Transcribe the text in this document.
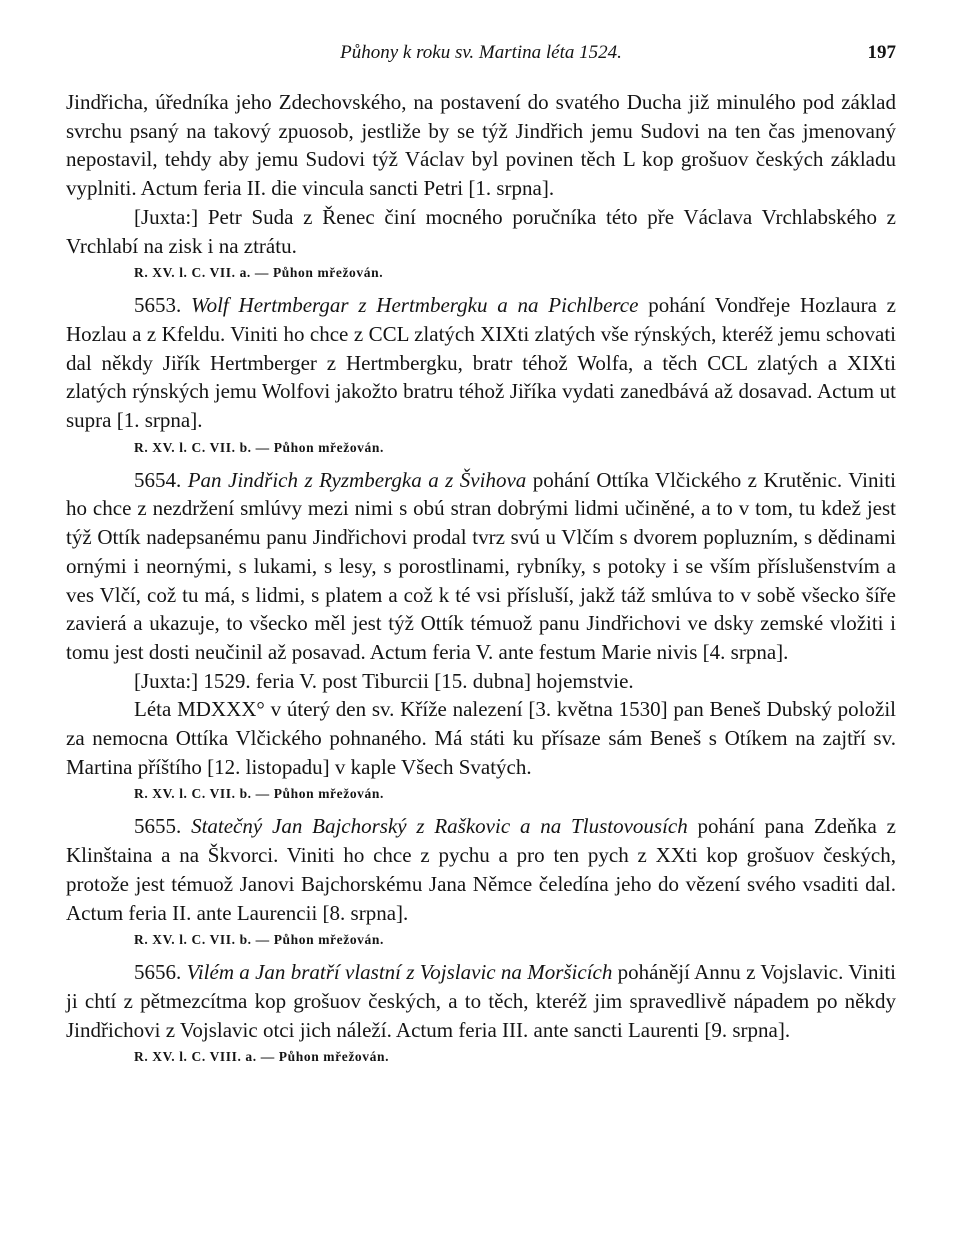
Půhony k roku sv. Martina léta 1524.	197

Jindřicha, úředníka jeho Zdechovského, na postavení do svatého Ducha již minulého pod základ svrchu psaný na takový zpuosob, jestliže by se týž Jindřich jemu Sudovi na ten čas jmenovaný nepostavil, tehdy aby jemu Sudovi týž Václav byl povinen těch L kop grošuov českých základu vyplniti. Actum feria II. die vincula sancti Petri [1. srpna].

[Juxta:] Petr Suda z Řenec činí mocného poručníka této pře Václava Vrchlabského z Vrchlabí na zisk i na ztrátu.

R. XV. l. C. VII. a. — Půhon mřežován.

5653. Wolf Hertmbergar z Hertmbergku a na Pichlberce pohání Vondřeje Hozlaura z Hozlau a z Kfeldu. Viniti ho chce z CCL zlatých XIXti zlatých vše rýnských, kteréž jemu schovati dal někdy Jiřík Hertmberger z Hertmbergku, bratr téhož Wolfa, a těch CCL zlatých a XIXti zlatých rýnských jemu Wolfovi jakožto bratru téhož Jiříka vydati zanedbává až dosavad. Actum ut supra [1. srpna].

R. XV. l. C. VII. b. — Půhon mřežován.

5654. Pan Jindřich z Ryzmbergka a z Švihova pohání Ottíka Vlčického z Krutěnic. Viniti ho chce z nezdržení smlúvy mezi nimi s obú stran dobrými lidmi učiněné, a to v tom, tu kdež jest týž Ottík nadepsanému panu Jindřichovi prodal tvrz svú u Vlčím s dvorem popluzním, s dědinami ornými i neornými, s lukami, s lesy, s porostlinami, rybníky, s potoky i se vším příslušenstvím a ves Vlčí, což tu má, s lidmi, s platem a což k té vsi přísluší, jakž táž smlúva to v sobě všecko šíře zavierá a ukazuje, to všecko měl jest týž Ottík témuož panu Jindřichovi ve dsky zemské vložiti i tomu jest dosti neučinil až posavad. Actum feria V. ante festum Marie nivis [4. srpna].

[Juxta:] 1529. feria V. post Tiburcii [15. dubna] hojemstvie.

Léta MDXXX° v úterý den sv. Kříže nalezení [3. května 1530] pan Beneš Dubský položil za nemocna Ottíka Vlčického pohnaného. Má státi ku přísaze sám Beneš s Otíkem na zajtří sv. Martina příštího [12. listopadu] v kaple Všech Svatých.

R. XV. l. C. VII. b. — Půhon mřežován.

5655. Statečný Jan Bajchorský z Raškovic a na Tlustovousích pohání pana Zdeňka z Klinštaina a na Škvorci. Viniti ho chce z pychu a pro ten pych z XXti kop grošuov českých, protože jest témuož Janovi Bajchorskému Jana Němce čeledína jeho do vězení svého vsaditi dal. Actum feria II. ante Laurencii [8. srpna].

R. XV. l. C. VII. b. — Půhon mřežován.

5656. Vilém a Jan bratří vlastní z Vojslavic na Moršicích pohánějí Annu z Vojslavic. Viniti ji chtí z pětmezcítma kop grošuov českých, a to těch, kteréž jim spravedlivě nápadem po někdy Jindřichovi z Vojslavic otci jich náleží. Actum feria III. ante sancti Laurenti [9. srpna].

R. XV. l. C. VIII. a. — Půhon mřežován.
